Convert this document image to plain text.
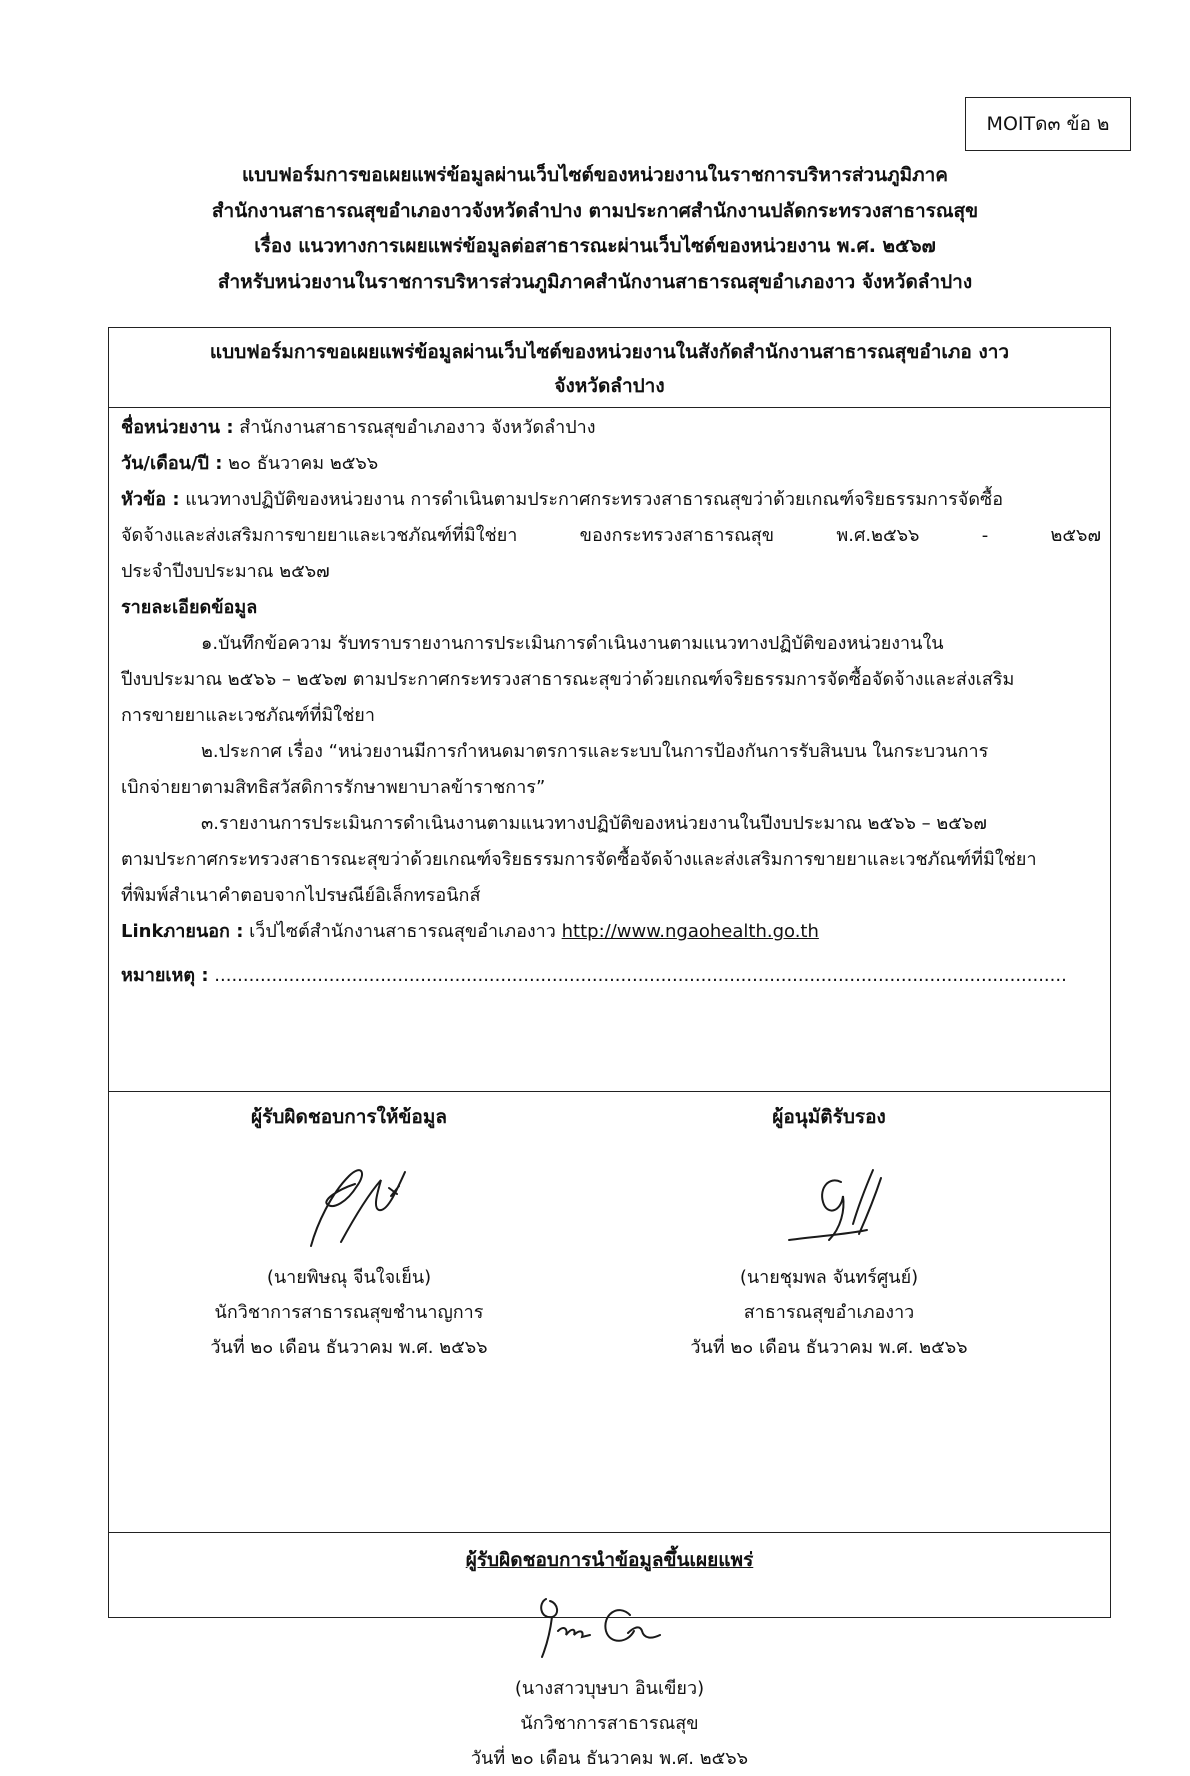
MOITด๓ ข้อ ๒
แบบฟอร์มการขอเผยแพร่ข้อมูลผ่านเว็บไซต์ของหน่วยงานในราชการบริหารส่วนภูมิภาค
สำนักงานสาธารณสุขอำเภองาวจังหวัดลำปาง ตามประกาศสำนักงานปลัดกระทรวงสาธารณสุข
เรื่อง แนวทางการเผยแพร่ข้อมูลต่อสาธารณะผ่านเว็บไซต์ของหน่วยงาน พ.ศ. ๒๕๖๗
สำหรับหน่วยงานในราชการบริหารส่วนภูมิภาคสำนักงานสาธารณสุขอำเภองาว จังหวัดลำปาง
แบบฟอร์มการขอเผยแพร่ข้อมูลผ่านเว็บไซต์ของหน่วยงานในสังกัดสำนักงานสาธารณสุขอำเภอ งาว
จังหวัดลำปาง
ชื่อหน่วยงาน : สำนักงานสาธารณสุขอำเภองาว จังหวัดลำปาง
วัน/เดือน/ปี : ๒๐ ธันวาคม ๒๕๖๖
หัวข้อ : แนวทางปฏิบัติของหน่วยงาน การดำเนินตามประกาศกระทรวงสาธารณสุขว่าด้วยเกณฑ์จริยธรรมการจัดซื้อ
จัดจ้างและส่งเสริมการขายยาและเวชภัณฑ์ที่มิใช่ยา ของกระทรวงสาธารณสุข พ.ศ.๒๕๖๖ - ๒๕๖๗
ประจำปีงบประมาณ ๒๕๖๗
รายละเอียดข้อมูล
๑.บันทึกข้อความ รับทราบรายงานการประเมินการดำเนินงานตามแนวทางปฏิบัติของหน่วยงานใน
ปีงบประมาณ ๒๕๖๖ – ๒๕๖๗ ตามประกาศกระทรวงสาธารณะสุขว่าด้วยเกณฑ์จริยธรรมการจัดซื้อจัดจ้างและส่งเสริม
การขายยาและเวชภัณฑ์ที่มิใช่ยา
๒.ประกาศ เรื่อง “หน่วยงานมีการกำหนดมาตรการและระบบในการป้องกันการรับสินบน ในกระบวนการ
เบิกจ่ายยาตามสิทธิสวัสดิการรักษาพยาบาลข้าราชการ”
๓.รายงานการประเมินการดำเนินงานตามแนวทางปฏิบัติของหน่วยงานในปีงบประมาณ ๒๕๖๖ – ๒๕๖๗
ตามประกาศกระทรวงสาธารณะสุขว่าด้วยเกณฑ์จริยธรรมการจัดซื้อจัดจ้างและส่งเสริมการขายยาและเวชภัณฑ์ที่มิใช่ยา
ที่พิมพ์สำเนาคำตอบจากไปรษณีย์อิเล็กทรอนิกส์
Linkภายนอก : เว็ปไซต์สำนักงานสาธารณสุขอำเภองาว http://www.ngaohealth.go.th
หมายเหตุ : .....................................................................................................................................................
ผู้รับผิดชอบการให้ข้อมูล
(นายพิษณุ จีนใจเย็น)
นักวิชาการสาธารณสุขชำนาญการ
วันที่ ๒๐ เดือน ธันวาคม พ.ศ. ๒๕๖๖
ผู้อนุมัติรับรอง
(นายชุมพล จันทร์ศูนย์)
สาธารณสุขอำเภองาว
วันที่ ๒๐ เดือน ธันวาคม พ.ศ. ๒๕๖๖
ผู้รับผิดชอบการนำข้อมูลขึ้นเผยแพร่
(นางสาวบุษบา อินเขียว)
นักวิชาการสาธารณสุข
วันที่ ๒๐ เดือน ธันวาคม พ.ศ. ๒๕๖๖
